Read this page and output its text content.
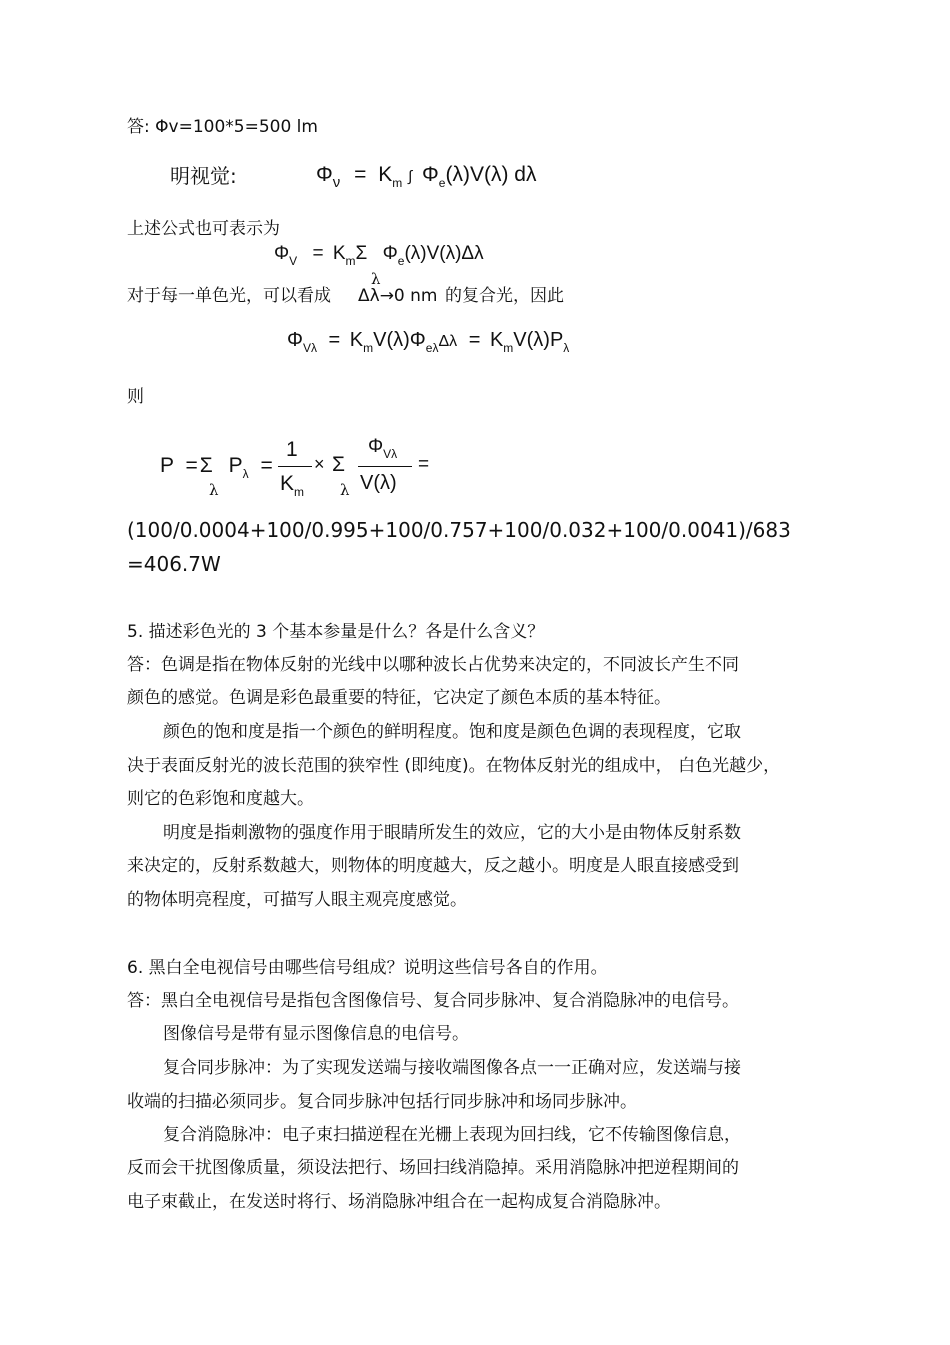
答: Φv=100*5=500 lm
明视觉:	$\Phi_\nu = K_m$ ∫ $\Phi_e(\lambda)V(\lambda)$ dλ
上述公式也可表示为
$\Phi_V = K_m\Sigma$ $\Phi_e(\lambda)V(\lambda)\Delta\lambda$
λ
对于每一单色光，可以看成 Δλ→0 nm 的复合光，因此
$\Phi_{V\lambda} = K_mV(\lambda)\Phi_{e\lambda}\Delta\lambda = K_mV(\lambda)P_\lambda$
则
P =Σ $P_\lambda$ =
λ
1
$K_m$
× Σ
λ
$\Phi_{V\lambda}$
V(λ)
=
(100/0.0004+100/0.995+100/0.757+100/0.032+100/0.0041)/683
=406.7W
5. 描述彩色光的 3 个基本参量是什么？各是什么含义？
答：色调是指在物体反射的光线中以哪种波长占优势来决定的，不同波长产生不同
颜色的感觉。色调是彩色最重要的特征，它决定了颜色本质的基本特征。
颜色的饱和度是指一个颜色的鲜明程度。饱和度是颜色色调的表现程度，它取
决于表面反射光的波长范围的狭窄性 (即纯度)。在物体反射光的组成中， 白色光越少，
则它的色彩饱和度越大。
明度是指刺激物的强度作用于眼睛所发生的效应，它的大小是由物体反射系数
来决定的，反射系数越大，则物体的明度越大，反之越小。明度是人眼直接感受到
的物体明亮程度，可描写人眼主观亮度感觉。
6. 黑白全电视信号由哪些信号组成？说明这些信号各自的作用。
答：黑白全电视信号是指包含图像信号、复合同步脉冲、复合消隐脉冲的电信号。
图像信号是带有显示图像信息的电信号。
复合同步脉冲：为了实现发送端与接收端图像各点一一正确对应，发送端与接
收端的扫描必须同步。复合同步脉冲包括行同步脉冲和场同步脉冲。
复合消隐脉冲：电子束扫描逆程在光栅上表现为回扫线，它不传输图像信息，
反而会干扰图像质量，须设法把行、场回扫线消隐掉。采用消隐脉冲把逆程期间的
电子束截止，在发送时将行、场消隐脉冲组合在一起构成复合消隐脉冲。
